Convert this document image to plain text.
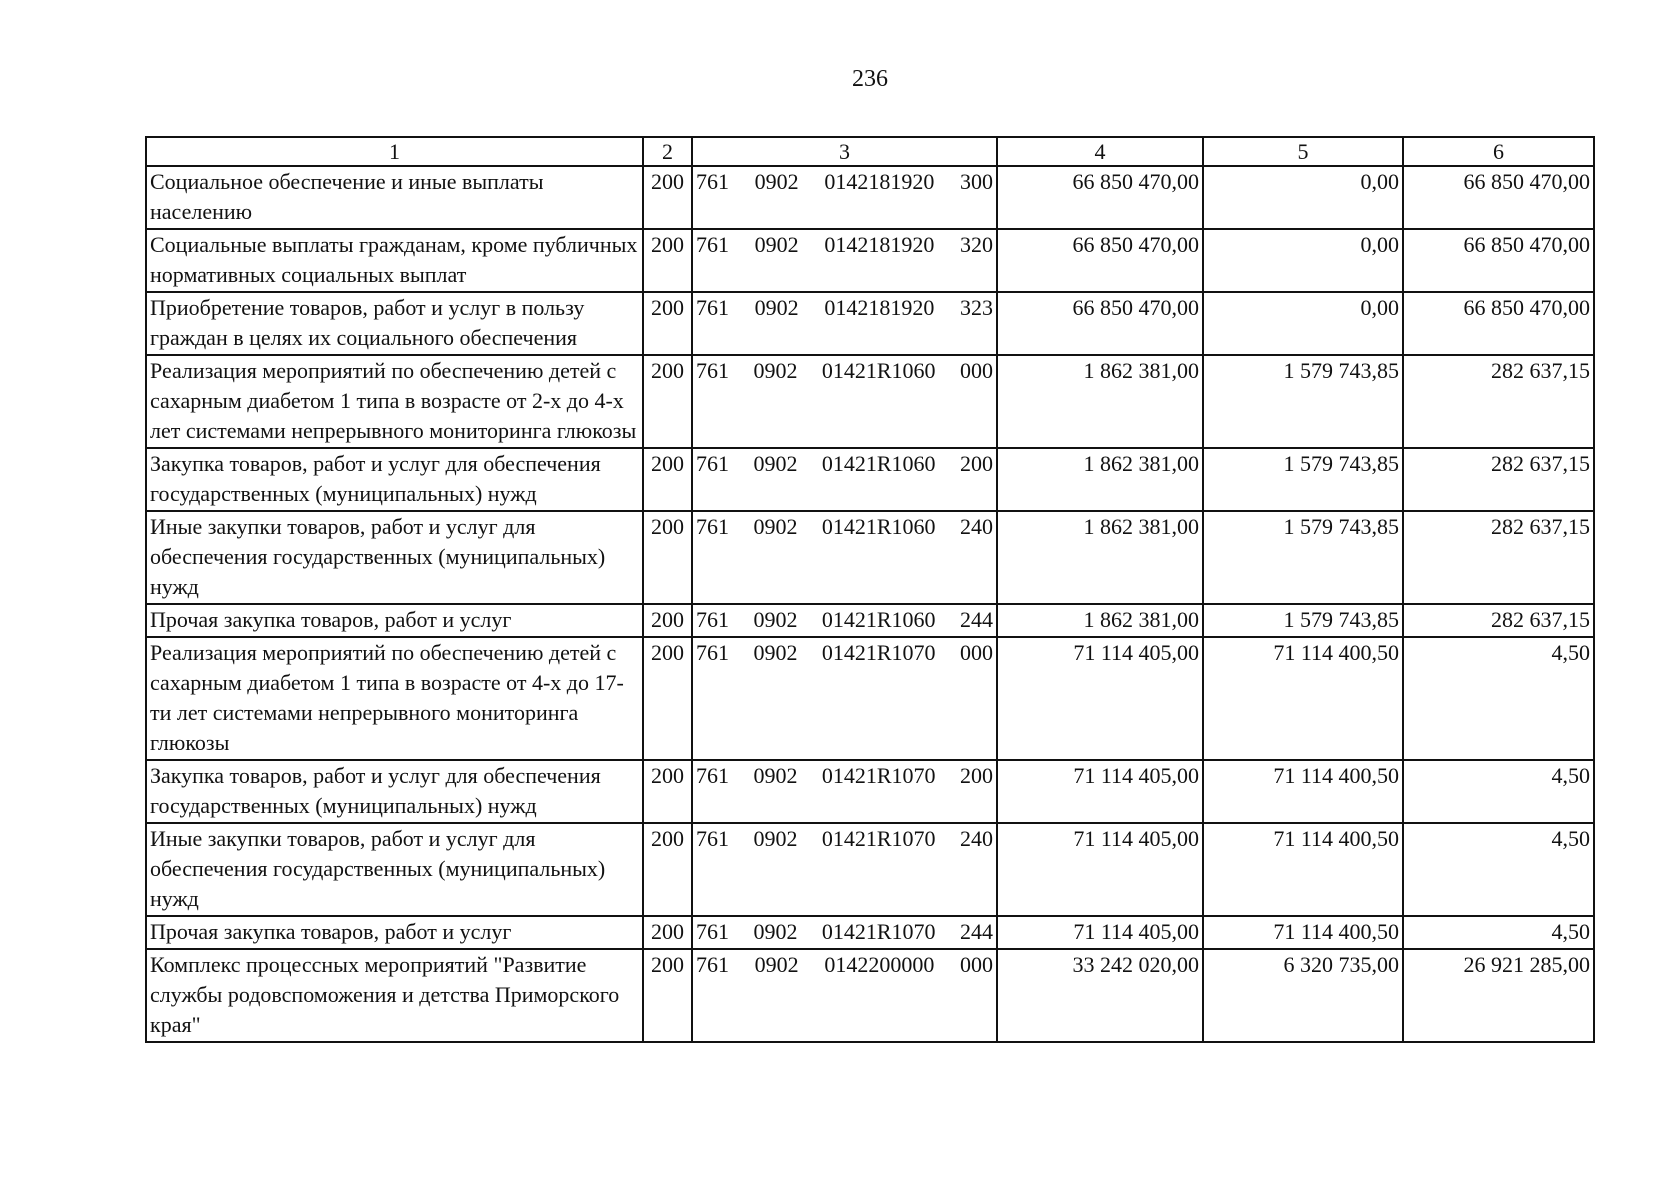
236
1	2	3	4	5	6
Социальное обеспечение и иные выплаты населению	200	761 0902 0142181920 300	66 850 470,00	0,00	66 850 470,00
Социальные выплаты гражданам, кроме публичных нормативных социальных выплат	200	761 0902 0142181920 320	66 850 470,00	0,00	66 850 470,00
Приобретение товаров, работ и услуг в пользу граждан в целях их социального обеспечения	200	761 0902 0142181920 323	66 850 470,00	0,00	66 850 470,00
Реализация мероприятий по обеспечению детей с сахарным диабетом 1 типа в возрасте от 2-х до 4-х лет системами непрерывного мониторинга глюкозы	200	761 0902 01421R1060 000	1 862 381,00	1 579 743,85	282 637,15
Закупка товаров, работ и услуг для обеспечения государственных (муниципальных) нужд	200	761 0902 01421R1060 200	1 862 381,00	1 579 743,85	282 637,15
Иные закупки товаров, работ и услуг для обеспечения государственных (муниципальных) нужд	200	761 0902 01421R1060 240	1 862 381,00	1 579 743,85	282 637,15
Прочая закупка товаров, работ и услуг	200	761 0902 01421R1060 244	1 862 381,00	1 579 743,85	282 637,15
Реализация мероприятий по обеспечению детей с сахарным диабетом 1 типа в возрасте от 4-х до 17-ти лет системами непрерывного мониторинга глюкозы	200	761 0902 01421R1070 000	71 114 405,00	71 114 400,50	4,50
Закупка товаров, работ и услуг для обеспечения государственных (муниципальных) нужд	200	761 0902 01421R1070 200	71 114 405,00	71 114 400,50	4,50
Иные закупки товаров, работ и услуг для обеспечения государственных (муниципальных) нужд	200	761 0902 01421R1070 240	71 114 405,00	71 114 400,50	4,50
Прочая закупка товаров, работ и услуг	200	761 0902 01421R1070 244	71 114 405,00	71 114 400,50	4,50
Комплекс процессных мероприятий "Развитие службы родовспоможения и детства Приморского края"	200	761 0902 0142200000 000	33 242 020,00	6 320 735,00	26 921 285,00
